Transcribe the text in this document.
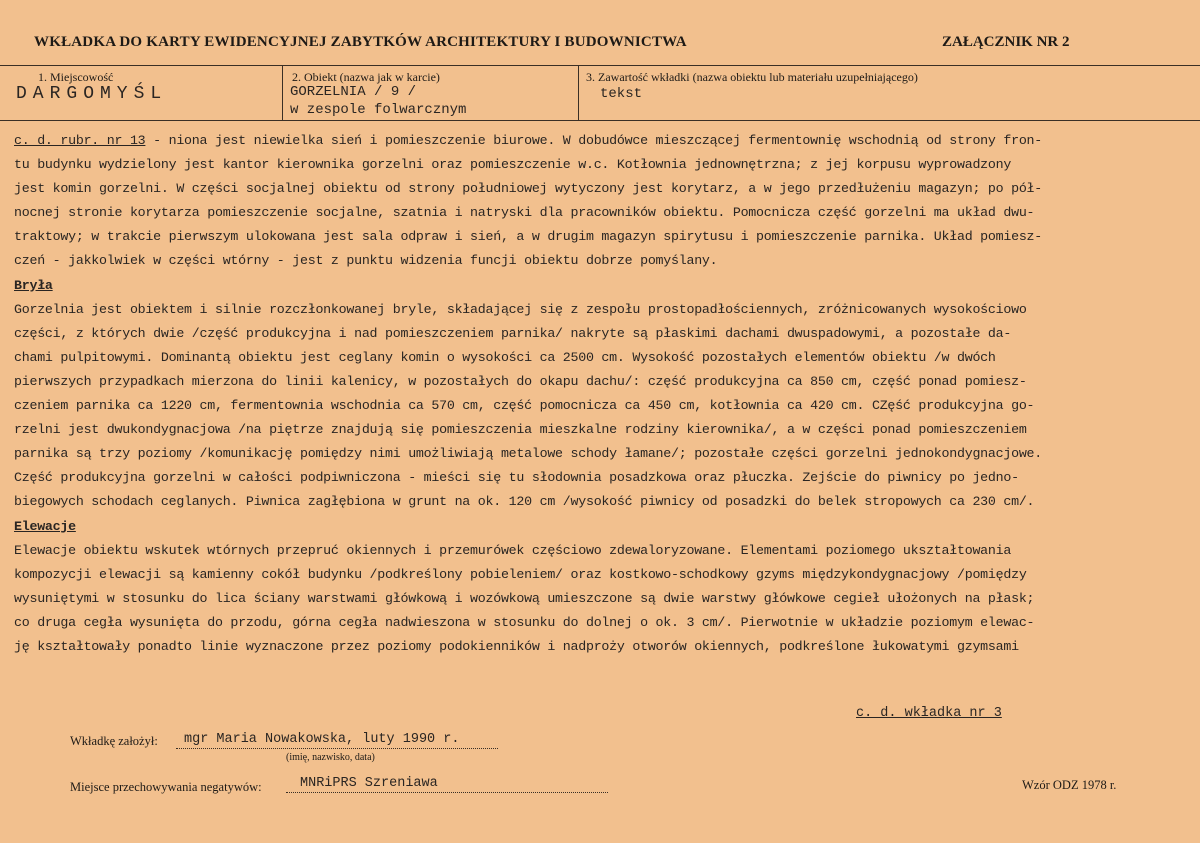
WKŁADKA DO KARTY EWIDENCYJNEJ ZABYTKÓW ARCHITEKTURY I BUDOWNICTWA	ZAŁĄCZNIK NR 2
1. Miejscowość
DARGOMYŚL
2. Obiekt (nazwa jak w karcie)
GORZELNIA / 9 /
w zespole folwarcznym
3. Zawartość wkładki (nazwa obiektu lub materiału uzupełniającego)
tekst
c. d. rubr. nr 13 - niona jest niewielka sień i pomieszczenie biurowe. W dobudówce mieszczącej fermentownię wschodnią od strony fron-
tu budynku wydzielony jest kantor kierownika gorzelni oraz pomieszczenie w.c. Kotłownia jednownętrzna; z jej korpusu wyprowadzony
jest komin gorzelni. W części socjalnej obiektu od strony południowej wytyczony jest korytarz, a w jego przedłużeniu magazyn; po pół-
nocnej stronie korytarza pomieszczenie socjalne, szatnia i natryski dla pracowników obiektu. Pomocnicza część gorzelni ma układ dwu-
traktowy; w trakcie pierwszym ulokowana jest sala odpraw i sień, a w drugim magazyn spirytusu i pomieszczenie parnika. Układ pomiesz-
czeń - jakkolwiek w części wtórny - jest z punktu widzenia funcji obiektu dobrze pomyślany.
Bryła
Gorzelnia jest obiektem i silnie rozczłonkowanej bryle, składającej się z zespołu prostopadłościennych, zróżnicowanych wysokościowo
części, z których dwie /część produkcyjna i nad pomieszczeniem parnika/ nakryte są płaskimi dachami dwuspadowymi, a pozostałe da-
chami pulpitowymi. Dominantą obiektu jest ceglany komin o wysokości ca 2500 cm. Wysokość pozostałych elementów obiektu /w dwóch
pierwszych przypadkach mierzona do linii kalenicy, w pozostałych do okapu dachu/: część produkcyjna ca 850 cm, część ponad pomiesz-
czeniem parnika ca 1220 cm, fermentownia wschodnia ca 570 cm, część pomocnicza ca 450 cm, kotłownia ca 420 cm. CZęść produkcyjna go-
rzelni jest dwukondygnacjowa /na piętrze znajdują się pomieszczenia mieszkalne rodziny kierownika/, a w części ponad pomieszczeniem
parnika są trzy poziomy /komunikację pomiędzy nimi umożliwiają metalowe schody łamane/; pozostałe części gorzelni jednokondygnacjowe.
Część produkcyjna gorzelni w całości podpiwniczona - mieści się tu słodownia posadzkowa oraz płuczka. Zejście do piwnicy po jedno-
biegowych schodach ceglanych. Piwnica zagłębiona w grunt na ok. 120 cm /wysokość piwnicy od posadzki do belek stropowych ca 230 cm/.
Elewacje
Elewacje obiektu wskutek wtórnych przepruć okiennych i przemurówek częściowo zdewaloryzowane. Elementami poziomego ukształtowania
kompozycji elewacji są kamienny cokół budynku /podkreślony pobieleniem/ oraz kostkowo-schodkowy gzyms międzykondygnacjowy /pomiędzy
wysuniętymi w stosunku do lica ściany warstwami główkową i wozówkową umieszczone są dwie warstwy główkowe cegieł ułożonych na płask;
co druga cegła wysunięta do przodu, górna cegła nadwieszona w stosunku do dolnej o ok. 3 cm/. Pierwotnie w układzie poziomym elewac-
ję kształtowały ponadto linie wyznaczone przez poziomy podokienników i nadproży otworów okiennych, podkreślone łukowatymi gzymsami
c. d. wkładka nr 3
Wkładkę założył: mgr Maria Nowakowska, luty 1990 r.
(imię, nazwisko, data)
Miejsce przechowywania negatywów:	MNRiPRS Szreniawa	Wzór ODZ 1978 r.
